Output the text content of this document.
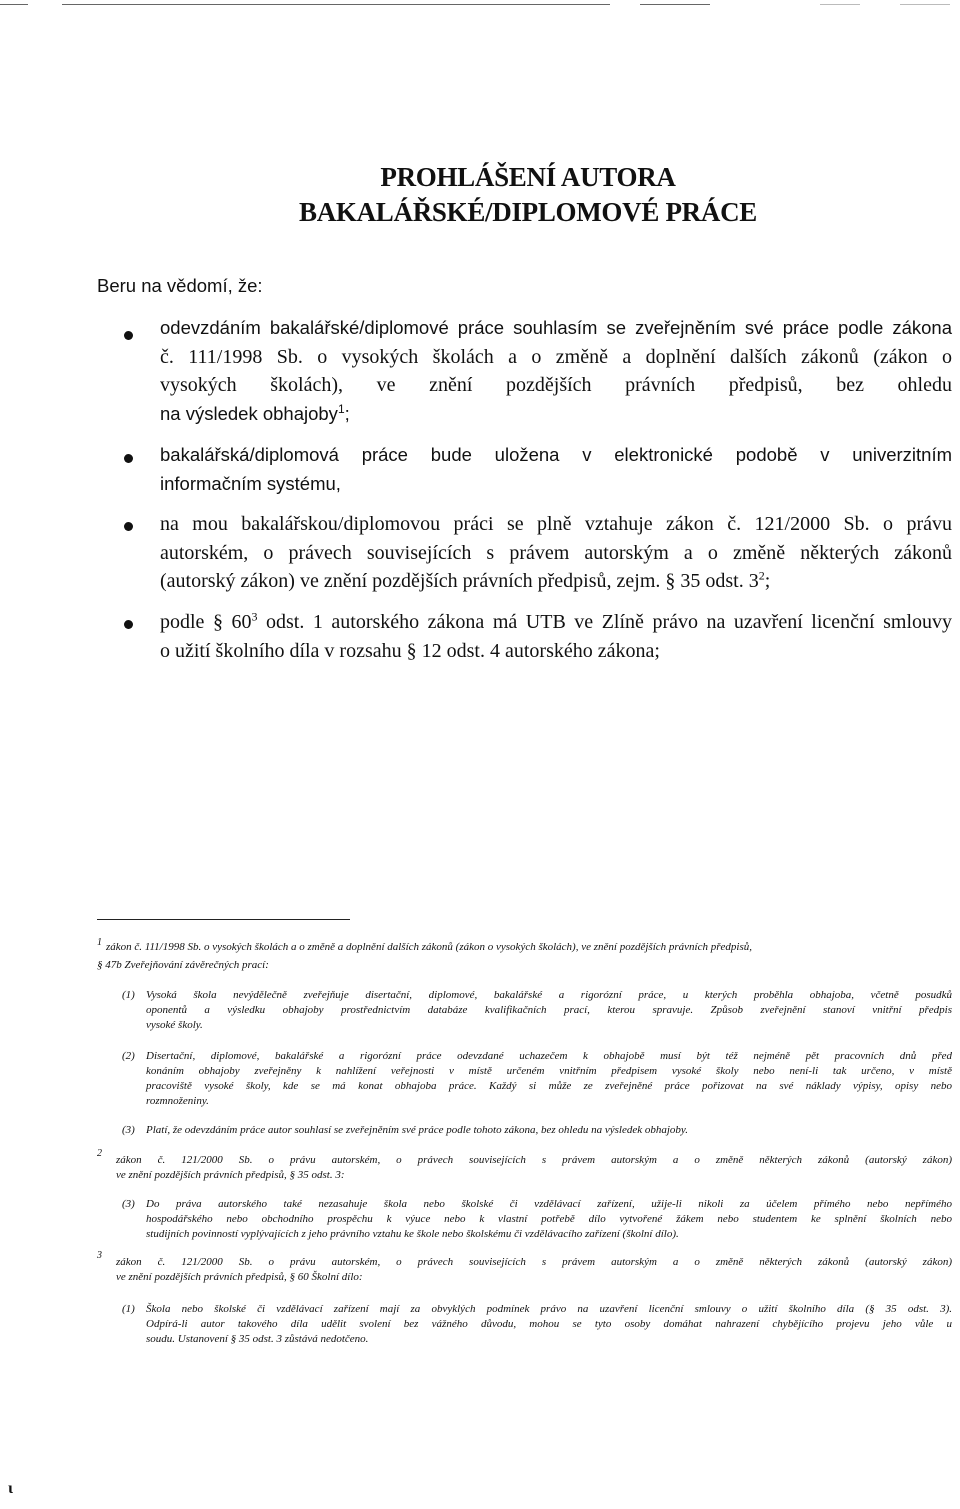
PROHLÁŠENÍ AUTORA
BAKALÁŘSKÉ/DIPLOMOVÉ PRÁCE
Beru na vědomí, že:
odevzdáním bakalářské/diplomové práce souhlasím se zveřejněním své práce podle zákona
č. 111/1998 Sb. o vysokých školách a o změně a doplnění dalších zákonů (zákon o
vysokých školách), ve znění pozdějších právních předpisů, bez ohledu
na výsledek obhajoby$^1$;
bakalářská/diplomová práce bude uložena v elektronické podobě v univerzitním
informačním systému,
na mou bakalářskou/diplomovou práci se plně vztahuje zákon č. 121/2000 Sb. o právu
autorském, o právech souvisejících s právem autorským a o změně některých zákonů
(autorský zákon) ve znění pozdějších právních předpisů, zejm. § 35 odst. $3^2$;
podle § $60^3$ odst. 1 autorského zákona má UTB ve Zlíně právo na uzavření licenční smlouvy
o užití školního díla v rozsahu § 12 odst. 4 autorského zákona;
1 zákon č. 111/1998 Sb. o vysokých školách a o změně a doplnění dalších zákonů (zákon o vysokých školách), ve znění pozdějších právních předpisů,
§ 47b Zveřejňování závěrečných prací:
(1) Vysoká škola nevýdělečně zveřejňuje disertační, diplomové, bakalářské a rigorózní práce, u kterých proběhla obhajoba, včetně posudků
oponentů a výsledku obhajoby prostřednictvím databáze kvalifikačních prací, kterou spravuje. Způsob zveřejnění stanoví vnitřní předpis
vysoké školy.
(2) Disertační, diplomové, bakalářské a rigorózní práce odevzdané uchazečem k obhajobě musí být též nejméně pět pracovních dnů před
konáním obhajoby zveřejněny k nahlížení veřejnosti v místě určeném vnitřním předpisem vysoké školy nebo není-li tak určeno, v místě
pracoviště vysoké školy, kde se má konat obhajoba práce. Každý si může ze zveřejněné práce pořizovat na své náklady výpisy, opisy nebo
rozmnoženiny.
(3) Platí, že odevzdáním práce autor souhlasí se zveřejněním své práce podle tohoto zákona, bez ohledu na výsledek obhajoby.
2
zákon č. 121/2000 Sb. o právu autorském, o právech souvisejících s právem autorským a o změně některých zákonů (autorský zákon)
ve znění pozdějších právních předpisů, § 35 odst. 3:
(3) Do práva autorského také nezasahuje škola nebo školské či vzdělávací zařízení, užije-li nikoli za účelem přímého nebo nepřímého
hospodářského nebo obchodního prospěchu k výuce nebo k vlastní potřebě dílo vytvořené žákem nebo studentem ke splnění školních nebo
studijních povinností vyplývajících z jeho právního vztahu ke škole nebo školskému či vzdělávacího zařízení (školní dílo).
3
zákon č. 121/2000 Sb. o právu autorském, o právech souvisejících s právem autorským a o změně některých zákonů (autorský zákon)
ve znění pozdějších právních předpisů, § 60 Školní dílo:
(1) Škola nebo školské či vzdělávací zařízení mají za obvyklých podmínek právo na uzavření licenční smlouvy o užití školního díla (§ 35 odst. 3).
Odpírá-li autor takového díla udělit svolení bez vážného důvodu, mohou se tyto osoby domáhat nahrazení chybějícího projevu jeho vůle u
soudu. Ustanovení § 35 odst. 3 zůstává nedotčeno.
ι
